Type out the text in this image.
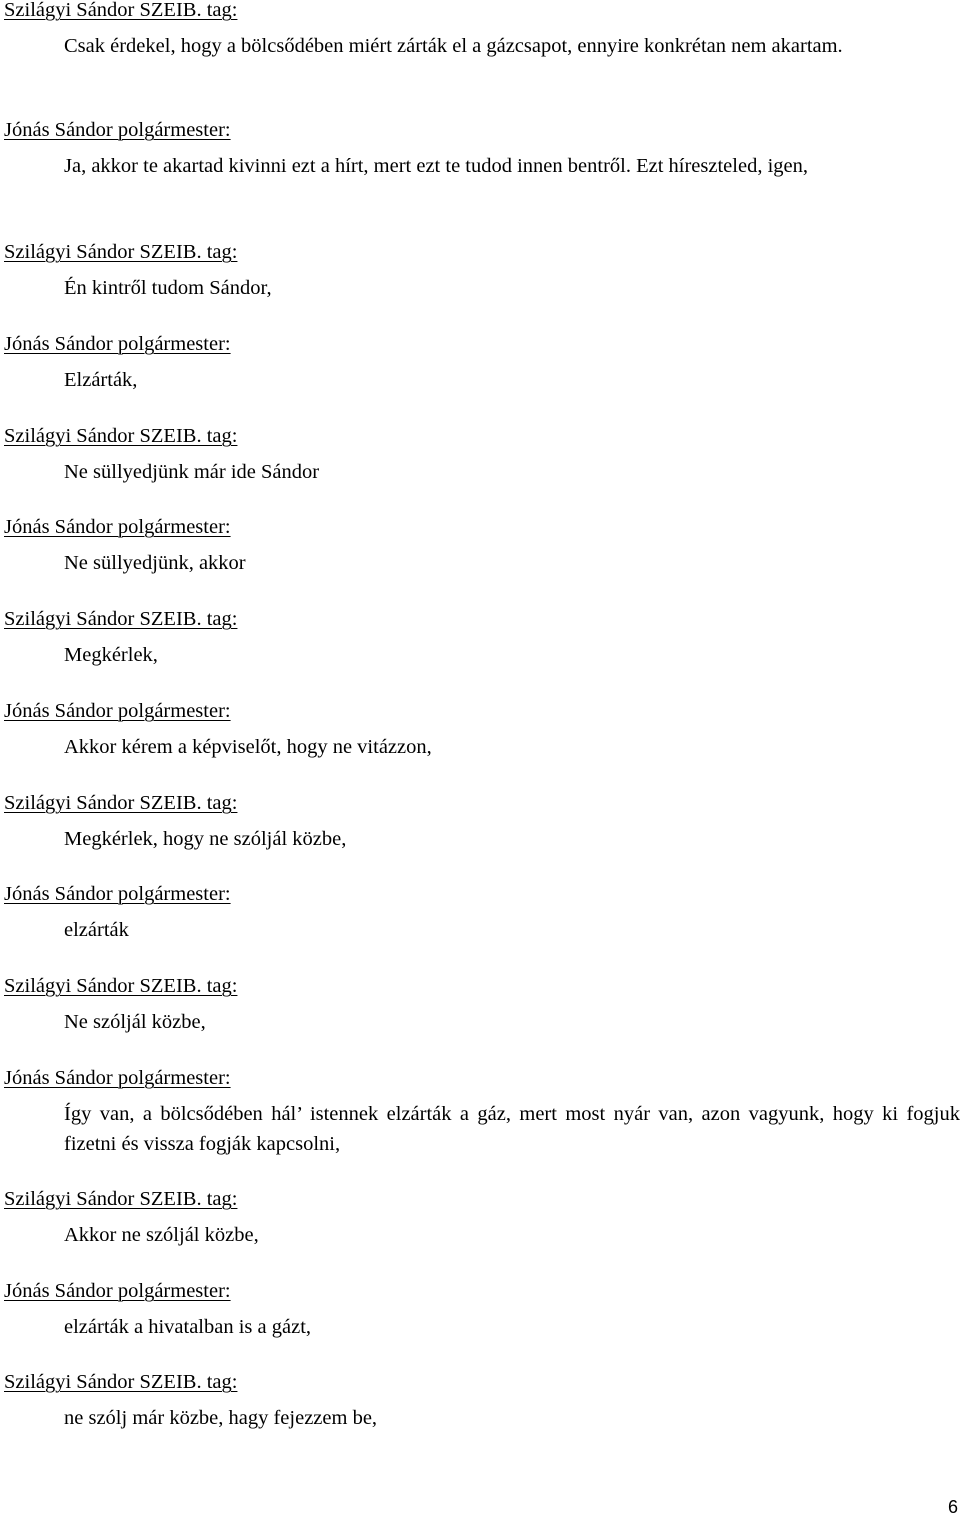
Szilágyi Sándor SZEIB. tag:

Csak érdekel, hogy a bölcsődében miért zárták el a gázcsapot, ennyire konkrétan nem akartam.

Jónás Sándor polgármester:

Ja, akkor te akartad kivinni ezt a hírt, mert ezt te tudod innen bentről. Ezt híreszteled, igen,

Szilágyi Sándor SZEIB. tag:

Én kintről tudom Sándor,

Jónás Sándor polgármester:

Elzárták,

Szilágyi Sándor SZEIB. tag:

Ne süllyedjünk már ide Sándor

Jónás Sándor polgármester:

Ne süllyedjünk, akkor

Szilágyi Sándor SZEIB. tag:

Megkérlek,

Jónás Sándor polgármester:

Akkor kérem a képviselőt, hogy ne vitázzon,

Szilágyi Sándor SZEIB. tag:

Megkérlek, hogy ne szóljál közbe,

Jónás Sándor polgármester:

elzárták

Szilágyi Sándor SZEIB. tag:

Ne szóljál közbe,

Jónás Sándor polgármester:

Így van, a bölcsődében hál’ istennek elzárták a gáz, mert most nyár van, azon vagyunk, hogy ki fogjuk fizetni és vissza fogják kapcsolni,

Szilágyi Sándor SZEIB. tag:

Akkor ne szóljál közbe,

Jónás Sándor polgármester:

elzárták a hivatalban is a gázt,

Szilágyi Sándor SZEIB. tag:

ne szólj már közbe, hagy fejezzem be,

6
